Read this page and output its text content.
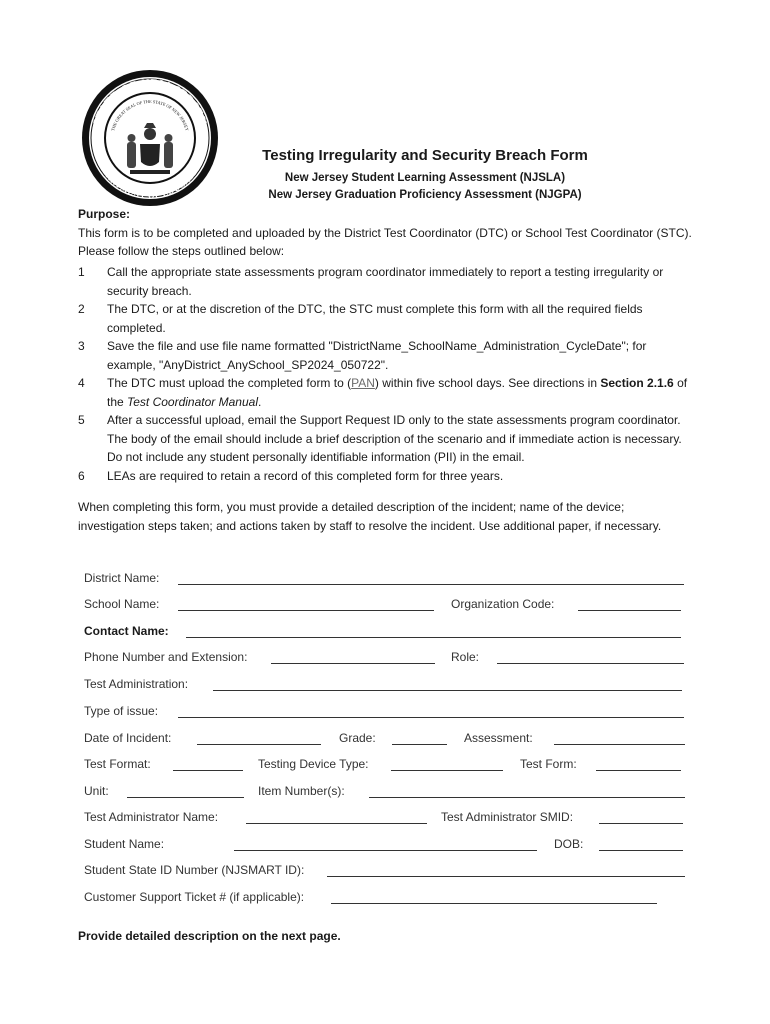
STATE OF NEW JERSEY
DEPARTMENT OF EDUCATION
THE GREAT SEAL OF THE STATE OF NEW JERSEY
Testing Irregularity and Security Breach Form
New Jersey Student Learning Assessment (NJSLA)
New Jersey Graduation Proficiency Assessment (NJGPA)
Purpose:
This form is to be completed and uploaded by the District Test Coordinator (DTC) or School Test Coordinator (STC). Please follow the steps outlined below:
1 Call the appropriate state assessments program coordinator immediately to report a testing irregularity or security breach.
2 The DTC, or at the discretion of the DTC, the STC must complete this form with all the required fields completed.
3 Save the file and use file name formatted "DistrictName_SchoolName_Administration_CycleDate"; for example, "AnyDistrict_AnySchool_SP2024_050722".
4 The DTC must upload the completed form to (PAN) within five school days. See directions in Section 2.1.6 of the Test Coordinator Manual.
5 After a successful upload, email the Support Request ID only to the state assessments program coordinator. The body of the email should include a brief description of the scenario and if immediate action is necessary. Do not include any student personally identifiable information (PII) in the email.
6 LEAs are required to retain a record of this completed form for three years.
When completing this form, you must provide a detailed description of the incident; name of the device; investigation steps taken; and actions taken by staff to resolve the incident. Use additional paper, if necessary.
District Name:
School Name:	Organization Code:
Contact Name:
Phone Number and Extension:	Role:
Test Administration:
Type of issue:
Date of Incident:	Grade:	Assessment:
Test Format:	Testing Device Type:	Test Form:
Unit:	Item Number(s):
Test Administrator Name:	Test Administrator SMID:
Student Name:	DOB:
Student State ID Number (NJSMART ID):
Customer Support Ticket # (if applicable):
Provide detailed description on the next page.
